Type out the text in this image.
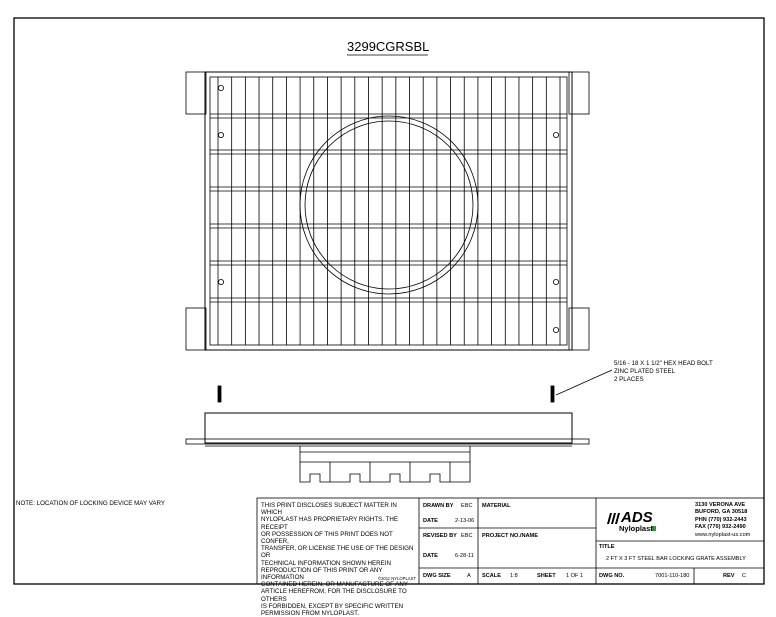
3299CGRSBL
5/16 - 18 X 1 1/2" HEX HEAD BOLT
ZINC PLATED STEEL
2 PLACES
NOTE: LOCATION OF LOCKING DEVICE MAY VARY	THIS PRINT DISCLOSES SUBJECT MATTER IN WHICH
NYLOPLAST HAS PROPRIETARY RIGHTS. THE RECEIPT
OR POSSESSION OF THIS PRINT DOES NOT CONFER,
TRANSFER, OR LICENSE THE USE OF THE DESIGN OR
TECHNICAL INFORMATION SHOWN HEREIN
REPRODUCTION OF THIS PRINT OR ANY INFORMATION
CONTAINED HEREIN, OR MANUFACTURE OF ANY
ARTICLE HEREFROM, FOR THE DISCLOSURE TO OTHERS
IS FORBIDDEN, EXCEPT BY SPECIFIC WRITTEN
PERMISSION FROM NYLOPLAST.
©2011 NYLOPLAST
DRAWN BY EBC
DATE	2-13-06
REVISED BY EBC
DATE	6-28-11
MATERIAL
PROJECT NO./NAME
DWG SIZE	A SCALE 1:8	SHEET 1 OF 1	DWG NO.	7001-110-180	REV C
TITLE
2 FT X 3 FT STEEL BAR LOCKING GRATE ASSEMBLY
ADS
Nyloplast
3130 VERONA AVE
BUFORD, GA 30518
PHN (770) 932-2443
FAX (770) 932-2490
www.nyloplast-us.com
